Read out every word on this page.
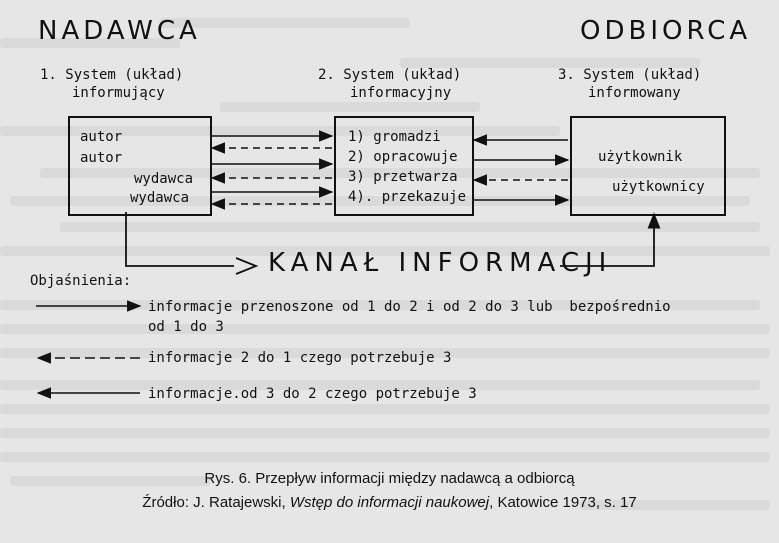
NADAWCA	ODBIORCA
1. System (układ)
informujący
2. System (układ)
informacyjny
3. System (układ)
informowany
autor
autor
wydawca
wydawca
1) gromadzi
2) opracowuje
3) przetwarza
4). przekazuje
użytkownik
użytkownicy
KANAŁ INFORMACJI
Objaśnienia:
informacje przenoszone od 1 do 2 i od 2 do 3 lub  bezpośrednio
od 1 do 3
informacje 2 do 1 czego potrzebuje 3
informacje.od 3 do 2 czego potrzebuje 3
Rys. 6. Przepływ informacji między nadawcą a odbiorcą
Źródło: J. Ratajewski, Wstęp do informacji naukowej, Katowice 1973, s. 17
